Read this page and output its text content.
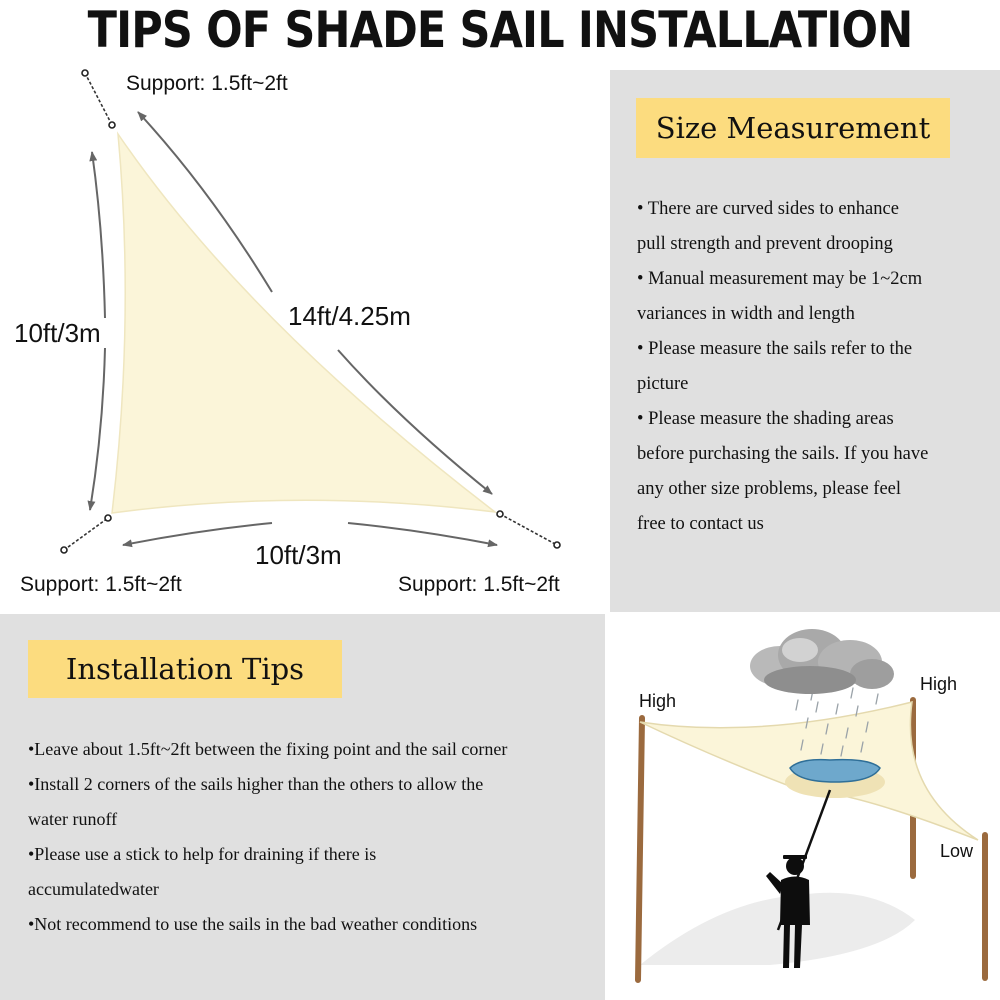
TIPS OF SHADE SAIL INSTALLATION
Support: 1.5ft~2ft
10ft/3m
14ft/4.25m
10ft/3m
Support: 1.5ft~2ft	Support: 1.5ft~2ft
Size Measurement
• There are curved sides to enhance
pull strength and prevent drooping
• Manual measurement may be 1~2cm
variances in width and length
• Please measure the sails refer to the
picture
• Please measure the shading areas
before purchasing the sails. If you have
any other size problems, please feel
free to contact us
Installation Tips
•Leave about 1.5ft~2ft between the fixing point and the sail corner
•Install 2 corners of the sails higher than the others to allow the
water runoff
•Please use a stick to help for draining if there is
accumulatedwater
•Not recommend to use the sails in the bad weather conditions
High
High
Low
